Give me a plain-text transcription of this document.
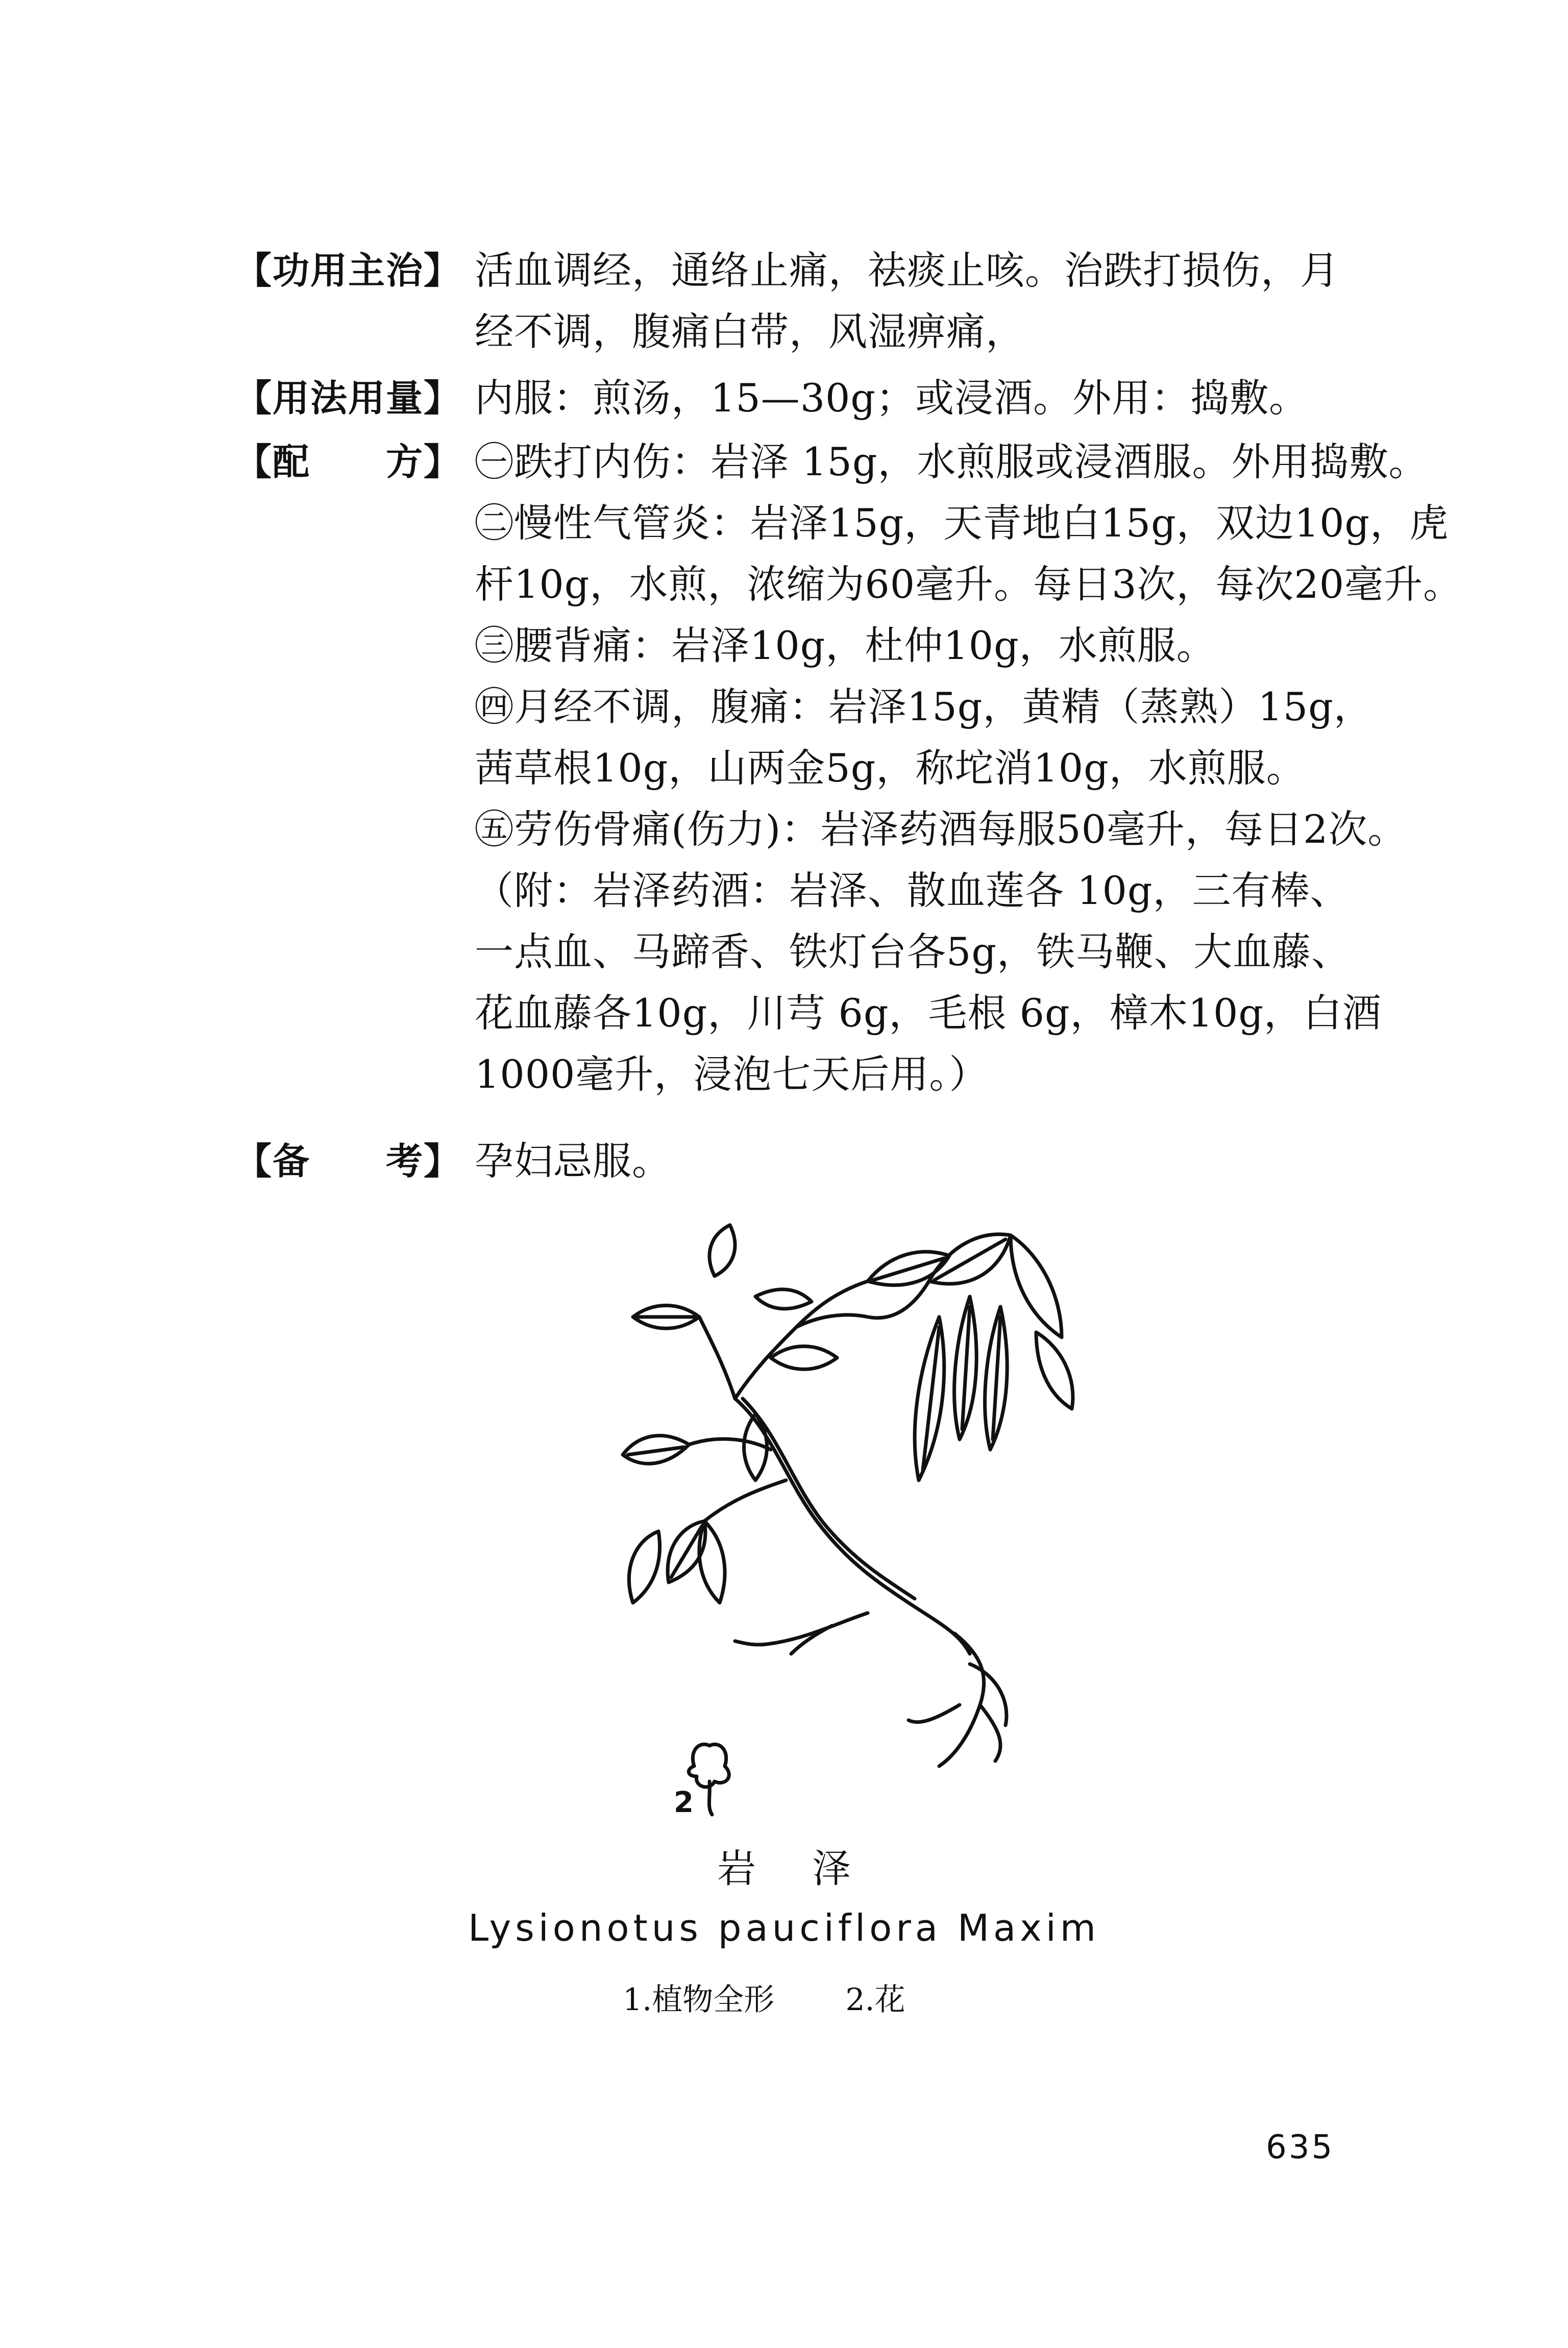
【功用主治】 活血调经，通络止痛，祛痰止咳。治跌打损伤，月
经不调，腹痛白带，风湿痹痛，
【用法用量】 内服：煎汤，15—30g；或浸酒。外用：捣敷。
【配　　方】 ㊀跌打内伤：岩泽 15g，水煎服或浸酒服。外用捣敷。
㊁慢性气管炎：岩泽15g，天青地白15g，双边10g，虎
杆10g，水煎，浓缩为60毫升。每日3次，每次20毫升。
㊂腰背痛：岩泽10g，杜仲10g，水煎服。
㊃月经不调，腹痛：岩泽15g，黄精（蒸熟）15g，
茜草根10g，山两金5g，称坨消10g，水煎服。
㊄劳伤骨痛(伤力)：岩泽药酒每服50毫升，每日2次。
（附：岩泽药酒：岩泽、散血莲各 10g，三有棒、
一点血、马蹄香、铁灯台各5g，铁马鞭、大血藤、
花血藤各10g，川芎 6g，毛根 6g，樟木10g，白酒
1000毫升，浸泡七天后用。）
【备　　考】 孕妇忌服。
2
岩泽
Lysionotus pauciflora Maxim
1.植物全形 2.花
635
